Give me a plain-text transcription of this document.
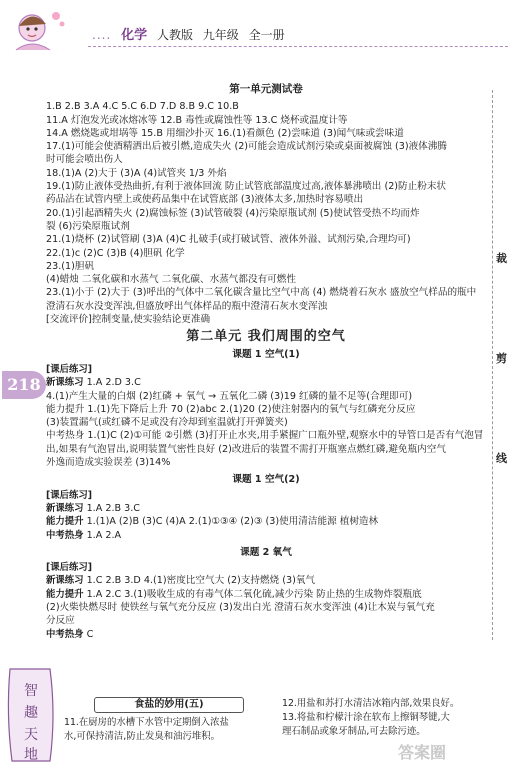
.... 化学 人教版 九年级 全一册
裁
剪
线
218
第一单元测试卷
1.B 2.B 3.A 4.C 5.C 6.D 7.D 8.B 9.C 10.B
11.A 灯泡发光或冰熔冰等 12.B 毒性或腐蚀性等 13.C 烧杯或温度计等
14.A 燃烧匙或坩埚等 15.B 用细沙扑灭 16.(1)看颜色 (2)尝味道 (3)闻气味或尝味道
17.(1)可能会使酒精洒出后被引燃,造成失火 (2)可能会造成试剂污染或桌面被腐蚀 (3)液体沸腾
时可能会喷出伤人
18.(1)A (2)大于 (3)A (4)试管夹 1/3 外焰
19.(1)防止液体受热曲折,有利于液体回流 防止试管底部温度过高,液体暴沸喷出 (2)防止粉末状
药品沾在试管内壁上或使药品集中在试管底部 (3)液体太多,加热时容易喷出
20.(1)引起酒精失火 (2)腐蚀标签 (3)试管破裂 (4)污染原瓶试剂 (5)使试管受热不均而炸
裂 (6)污染原瓶试剂
21.(1)烧杯 (2)试管刷 (3)A (4)C 扎破手(或打破试管、液体外溢、试剂污染,合理均可)
22.(1)c (2)C (3)B (4)胆矾 化学
23.(1)胆矾
(4)蜡烛 二氧化碳和水蒸气 二氧化碳、水蒸气都没有可燃性
23.(1)小于 (2)大于 (3)呼出的气体中二氧化碳含量比空气中高 (4) 燃烧着石灰水 盛放空气样品的瓶中
澄清石灰水没变浑浊,但盛放呼出气体样品的瓶中澄清石灰水变浑浊
[交流评价]控制变量,使实验结论更准确
第二单元 我们周围的空气
课题 1 空气(1)
[课后练习]
新课练习 1.A 2.D 3.C
4.(1)产生大量的白烟 (2)红磷 + 氧气 → 五氧化二磷 (3)19 红磷的量不足等(合理即可)
能力提升 1.(1)先下降后上升 70 (2)abc 2.(1)20 (2)使注射器内的氧气与红磷充分反应
(3)装置漏气(或红磷不足或没有冷却到室温就打开弹簧夹)
中考热身 1.(1)C (2)①可能 ②引燃 (3)打开止水夹,用手紧握广口瓶外壁,观察水中的导管口是否有气泡冒
出,如果有气泡冒出,说明装置气密性良好 (2)改进后的装置不需打开瓶塞点燃红磷,避免瓶内空气
外逸而造成实验误差 (3)14%
课题 1 空气(2)
[课后练习]
新课练习 1.A 2.B 3.C
能力提升 1.(1)A (2)B (3)C (4)A 2.(1)①③④ (2)③ (3)使用清洁能源 植树造林
中考热身 1.A 2.A
课题 2 氧气
[课后练习]
新课练习 1.C 2.B 3.D 4.(1)密度比空气大 (2)支持燃烧 (3)氧气
能力提升 1.A 2.C 3.(1)吸收生成的有毒气体二氧化硫,减少污染 防止热的生成物炸裂瓶底
(2)火柴快燃尽时 使铁丝与氧气充分反应 (3)发出白光 澄清石灰水变浑浊 (4)让木炭与氧气充
分反应
中考热身 C
智
趣
天
地
食盐的妙用(五)
11.在厨房的水槽下水管中定期倒入浓盐
水,可保持清洁,防止发臭和油污堆积。
12.用盐和苏打水清洁冰箱内部,效果良好。
13.将盐和柠檬汁涂在软布上擦铜琴键,大
理石制品或象牙制品,可去除污迹。
答案圈
